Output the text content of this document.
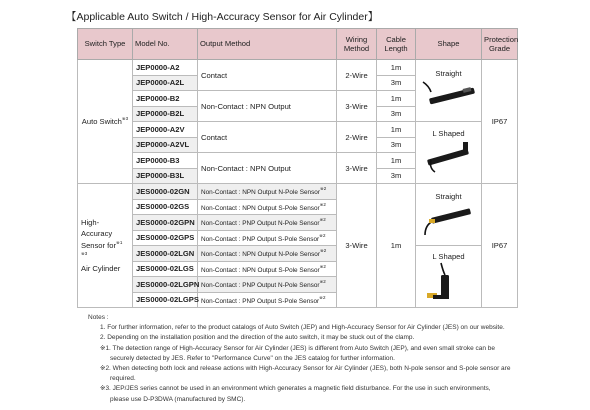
【Applicable Auto Switch / High-Accuracy Sensor for Air Cylinder】
Switch Type	Model No.	Output Method	Wiring Method	Cable Length	Shape	Protection Grade
Auto Switch$^{※3}$	JEP0000-A2	Contact	2-Wire	1m	Straight	IP67
	JEP0000-A2L			3m		
	JEP0000-B2	Non-Contact : NPN Output	3-Wire	1m		
	JEP0000-B2L			3m		
	JEP0000-A2V	Contact	2-Wire	1m	L Shaped	

	JEP0000-A2VL			3m		
	JEP0000-B3	Non-Contact : NPN Output	3-Wire	1m		
	JEP0000-B3L			3m		
High-Accuracy
Sensor for$^{※1 ※3}$
Air Cylinder	JES0000-02GN	Non-Contact : NPN Output N-Pole Sensor$^{※2}$	3-Wire	1m	Straight	IP67
	JES0000-02GS	Non-Contact : NPN Output S-Pole Sensor$^{※2}$
	JES0000-02GPN	Non-Contact : PNP Output N-Pole Sensor$^{※2}$
	JES0000-02GPS	Non-Contact : PNP Output S-Pole Sensor$^{※2}$
	JES0000-02LGN	Non-Contact : NPN Output N-Pole Sensor$^{※2}$			L Shaped	

	JES0000-02LGS	Non-Contact : NPN Output S-Pole Sensor$^{※2}$
	JES0000-02LGPN	Non-Contact : PNP Output N-Pole Sensor$^{※2}$
	JES0000-02LGPS	Non-Contact : PNP Output S-Pole Sensor$^{※2}$
Notes :
1. For further information, refer to the product catalogs of Auto Switch (JEP) and High-Accuracy Sensor for Air Cylinder (JES) on our website.
2. Depending on the installation position and the direction of the auto switch, it may be stuck out of the clamp.
※1. The detection range of High-Accuracy Sensor for Air Cylinder (JES) is different from Auto Switch (JEP), and even small stroke can be
securely detected by JES. Refer to "Performance Curve" on the JES catalog for further information.
※2. When detecting both lock and release actions with High-Accuracy Sensor for Air Cylinder (JES), both N-pole sensor and S-pole sensor are
required.
※3. JEP/JES series cannot be used in an environment which generates a magnetic field disturbance. For the use in such environments,
please use D-P3DWA (manufactured by SMC).
